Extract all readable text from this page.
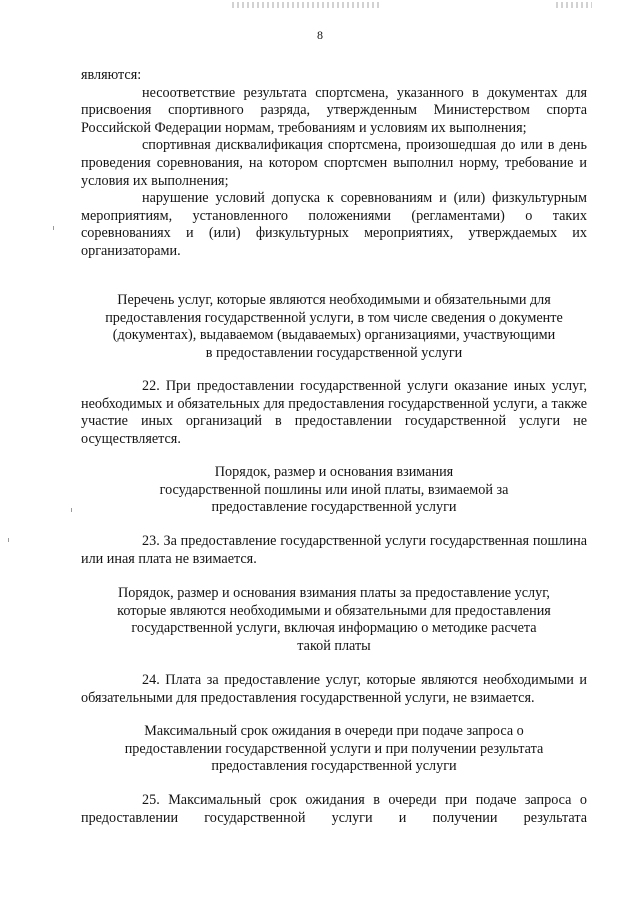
8

являются:

несоответствие результата спортсмена, указанного в документах для присвоения спортивного разряда, утвержденным Министерством спорта Российской Федерации нормам, требованиям и условиям их выполнения;

спортивная дисквалификация спортсмена, произошедшая до или в день проведения соревнования, на котором спортсмен выполнил норму, требование и условия их выполнения;

нарушение условий допуска к соревнованиям и (или) физкультурным мероприятиям, установленного положениями (регламентами) о таких соревнованиях и (или) физкультурных мероприятиях, утверждаемых их организаторами.

Перечень услуг, которые являются необходимыми и обязательными для

предоставления государственной услуги, в том числе сведения о документе

(документах), выдаваемом (выдаваемых) организациями, участвующими

в предоставлении государственной услуги

22. При предоставлении государственной услуги оказание иных услуг, необходимых и обязательных для предоставления государственной услуги, а также участие иных организаций в предоставлении государственной услуги не осуществляется.

Порядок, размер и основания взимания

государственной пошлины или иной платы, взимаемой за

предоставление государственной услуги

23. За предоставление государственной услуги государственная пошлина или иная плата не взимается.

Порядок, размер и основания взимания платы за предоставление услуг,

которые являются необходимыми и обязательными для предоставления

государственной услуги, включая информацию о методике расчета

такой платы

24. Плата за предоставление услуг, которые являются необходимыми и обязательными для предоставления государственной услуги, не взимается.

Максимальный срок ожидания в очереди при подаче запроса о

предоставлении государственной услуги и при получении результата

предоставления государственной услуги

25. Максимальный срок ожидания в очереди при подаче запроса о предоставлении государственной услуги и получении результата
